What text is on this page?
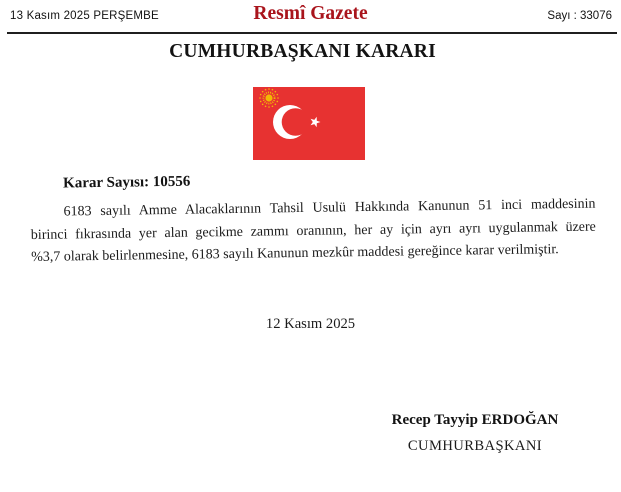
13 Kasım 2025 PERŞEMBE	Resmî Gazete	Sayı : 33076
CUMHURBAŞKANI KARARI
Karar Sayısı: 10556
6183 sayılı Amme Alacaklarının Tahsil Usulü Hakkında Kanunun 51 inci maddesinin
birinci fıkrasında yer alan gecikme zammı oranının, her ay için ayrı ayrı uygulanmak üzere
%3,7 olarak belirlenmesine, 6183 sayılı Kanunun mezkûr maddesi gereğince karar verilmiştir.
12 Kasım 2025
Recep Tayyip ERDOĞAN
CUMHURBAŞKANI
